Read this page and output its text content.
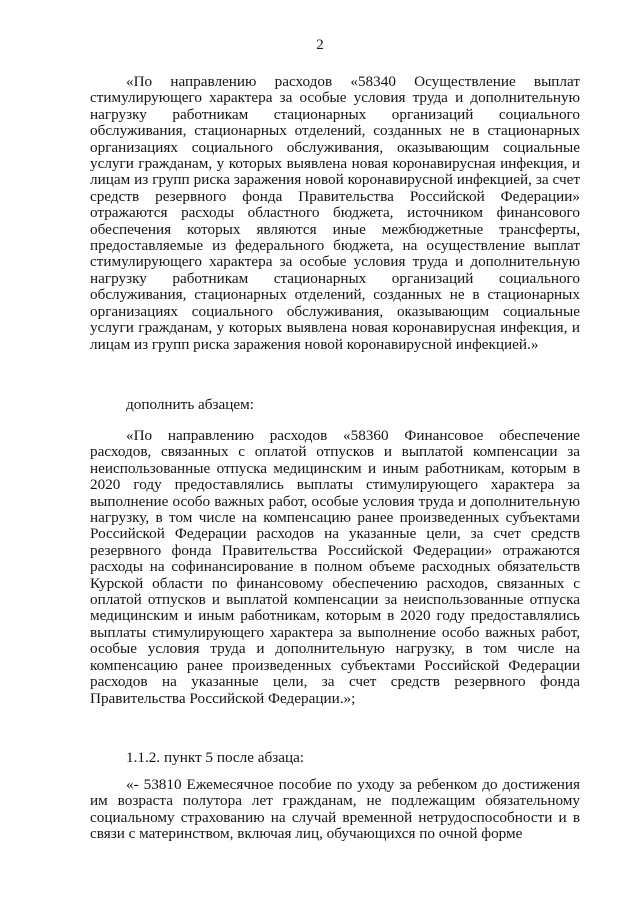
2

«По направлению расходов «58340 Осуществление выплат стимулирующего характера за особые условия труда и дополнительную нагрузку работникам стационарных организаций социального обслуживания, стационарных отделений, созданных не в стационарных организациях социального обслуживания, оказывающим социальные услуги гражданам, у которых выявлена новая коронавирусная инфекция, и лицам из групп риска заражения новой коронавирусной инфекцией, за счет средств резервного фонда Правительства Российской Федерации» отражаются расходы областного бюджета, источником финансового обеспечения которых являются иные межбюджетные трансферты, предоставляемые из федерального бюджета, на осуществление выплат стимулирующего характера за особые условия труда и дополнительную нагрузку работникам стационарных организаций социального обслуживания, стационарных отделений, созданных не в стационарных организациях социального обслуживания, оказывающим социальные услуги гражданам, у которых выявлена новая коронавирусная инфекция, и лицам из групп риска заражения новой коронавирусной инфекцией.»

дополнить абзацем:

«По направлению расходов «58360 Финансовое обеспечение расходов, связанных с оплатой отпусков и выплатой компенсации за неиспользованные отпуска медицинским и иным работникам, которым в 2020 году предоставлялись выплаты стимулирующего характера за выполнение особо важных работ, особые условия труда и дополнительную нагрузку, в том числе на компенсацию ранее произведенных субъектами Российской Федерации расходов на указанные цели, за счет средств резервного фонда Правительства Российской Федерации» отражаются расходы на софинансирование в полном объеме расходных обязательств Курской области по финансовому обеспечению расходов, связанных с оплатой отпусков и выплатой компенсации за неиспользованные отпуска медицинским и иным работникам, которым в 2020 году предоставлялись выплаты стимулирующего характера за выполнение особо важных работ, особые условия труда и дополнительную нагрузку, в том числе на компенсацию ранее произведенных субъектами Российской Федерации расходов на указанные цели, за счет средств резервного фонда Правительства Российской Федерации.»;

1.1.2. пункт 5 после абзаца:

«- 53810 Ежемесячное пособие по уходу за ребенком до достижения им возраста полутора лет гражданам, не подлежащим обязательному социальному страхованию на случай временной нетрудоспособности и в связи с материнством, включая лиц, обучающихся по очной форме
